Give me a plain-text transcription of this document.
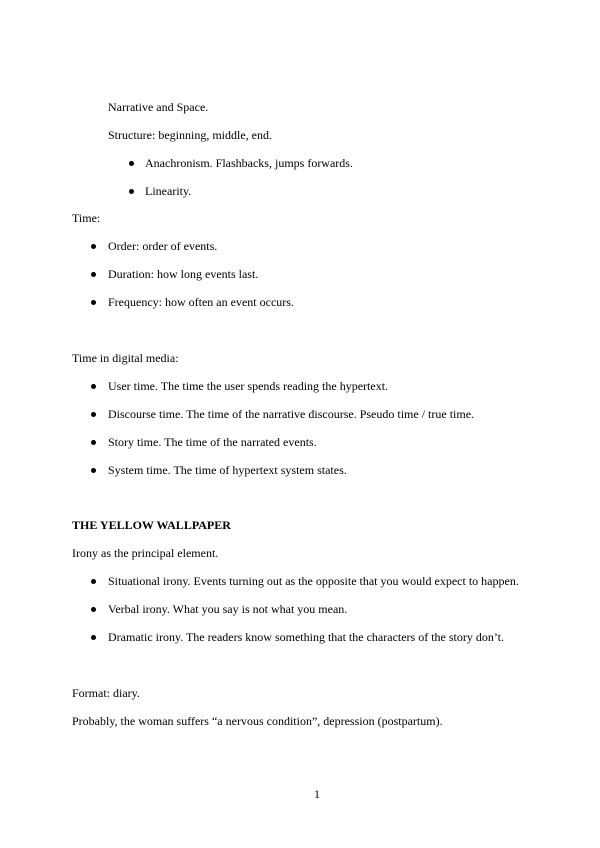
Narrative and Space.
Structure: beginning, middle, end.
Anachronism. Flashbacks, jumps forwards.
Linearity.
Time:
Order: order of events.
Duration: how long events last.
Frequency: how often an event occurs.
Time in digital media:
User time. The time the user spends reading the hypertext.
Discourse time. The time of the narrative discourse. Pseudo time / true time.
Story time. The time of the narrated events.
System time. The time of hypertext system states.
THE YELLOW WALLPAPER
Irony as the principal element.
Situational irony. Events turning out as the opposite that you would expect to happen.
Verbal irony. What you say is not what you mean.
Dramatic irony. The readers know something that the characters of the story don’t.
Format: diary.
Probably, the woman suffers “a nervous condition”, depression (postpartum).
1
